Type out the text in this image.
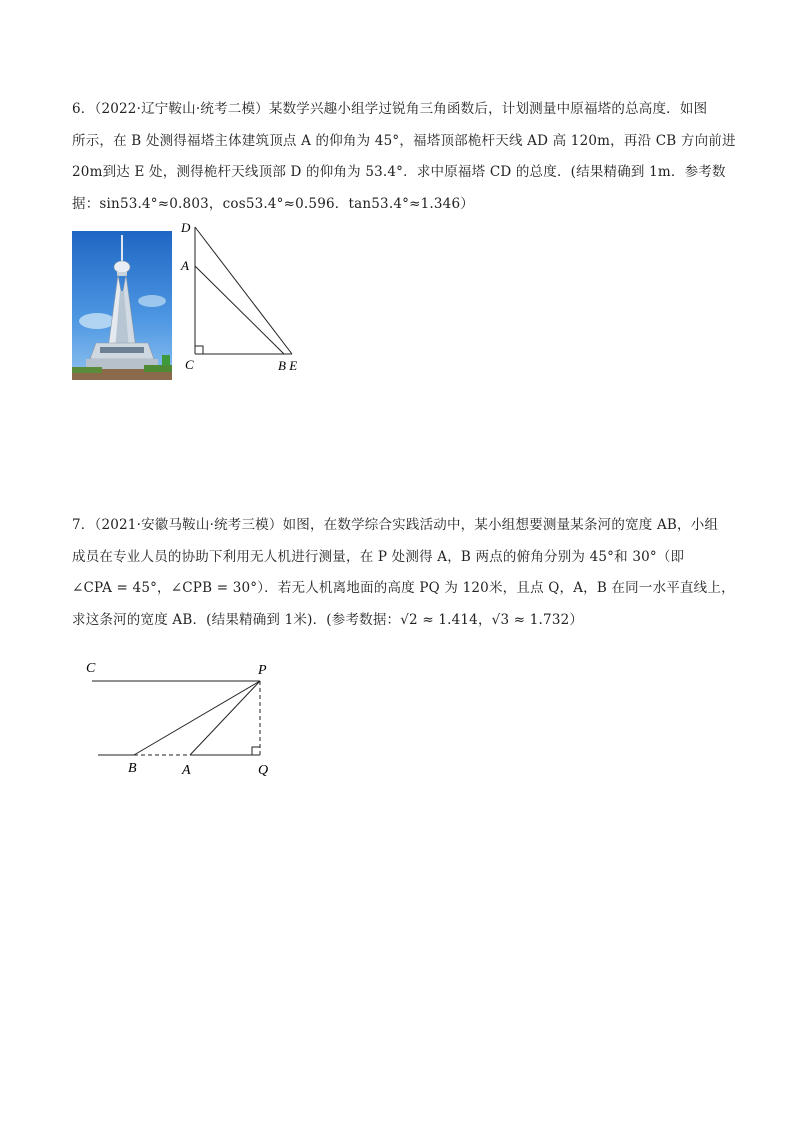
6．（2022·辽宁鞍山·统考二模）某数学兴趣小组学过锐角三角函数后，计划测量中原福塔的总高度．如图
所示，在 B 处测得福塔主体建筑顶点 A 的仰角为 45°，福塔顶部桅杆天线 AD 高 120m，再沿 CB 方向前进
20m到达 E 处，测得桅杆天线顶部 D 的仰角为 53.4°．求中原福塔 CD 的总度．(结果精确到 1m．参考数
据：sin53.4°≈0.803，cos53.4°≈0.596．tan53.4°≈1.346）
D
A
C	B E
7．（2021·安徽马鞍山·统考三模）如图，在数学综合实践活动中，某小组想要测量某条河的宽度 AB，小组
成员在专业人员的协助下利用无人机进行测量，在 P 处测得 A，B 两点的俯角分别为 45°和 30°（即
∠CPA = 45°，∠CPB = 30°）．若无人机离地面的高度 PQ 为 120米，且点 Q，A，B 在同一水平直线上，
求这条河的宽度 AB．(结果精确到 1米)．(参考数据：√2 ≈ 1.414，√3 ≈ 1.732）
C	P
B	A	Q
